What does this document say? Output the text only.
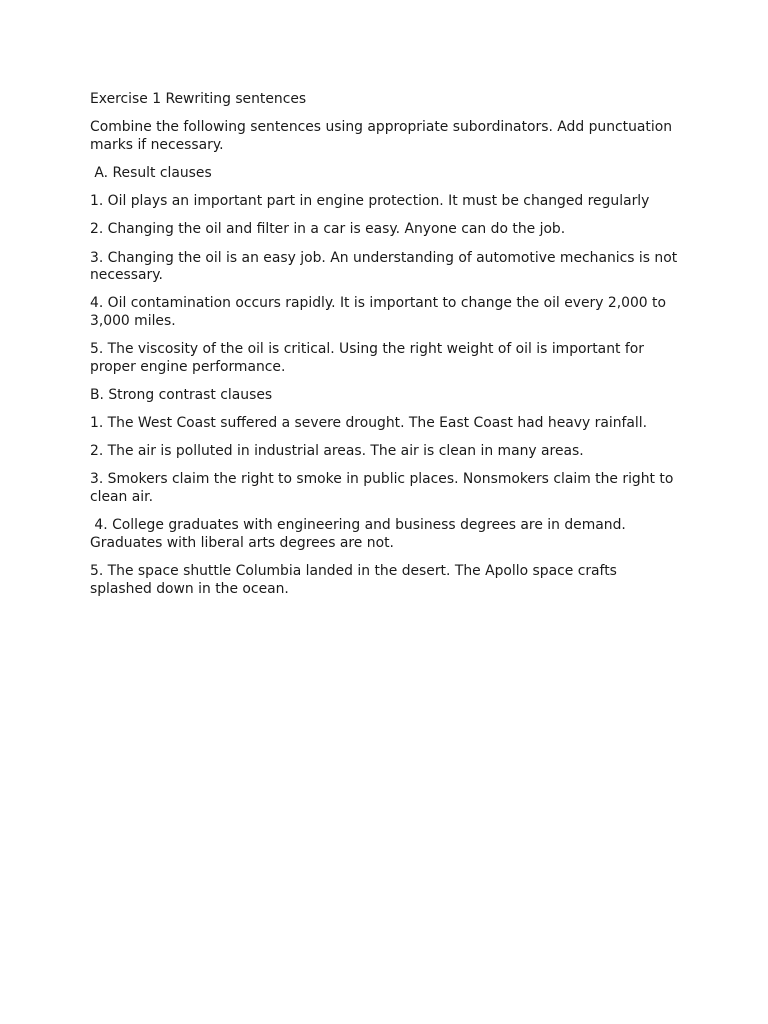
Exercise 1 Rewriting sentences

Combine the following sentences using appropriate subordinators. Add punctuation marks if necessary.

A. Result clauses

1. Oil plays an important part in engine protection. It must be changed regularly

2. Changing the oil and filter in a car is easy. Anyone can do the job.

3. Changing the oil is an easy job. An understanding of automotive mechanics is not necessary.

4. Oil contamination occurs rapidly. It is important to change the oil every 2,000 to 3,000 miles.

5. The viscosity of the oil is critical. Using the right weight of oil is important for proper engine performance.

B. Strong contrast clauses

1. The West Coast suffered a severe drought. The East Coast had heavy rainfall.

2. The air is polluted in industrial areas. The air is clean in many areas.

3. Smokers claim the right to smoke in public places. Nonsmokers claim the right to clean air.

4. College graduates with engineering and business degrees are in demand. Graduates with liberal arts degrees are not.

5. The space shuttle Columbia landed in the desert. The Apollo space crafts splashed down in the ocean.
